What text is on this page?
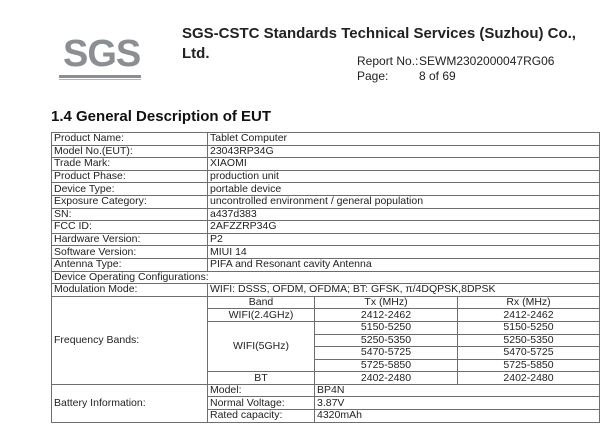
SGS	SGS-CSTC Standards Technical Services (Suzhou) Co., Ltd.	Report No.: SEWM2302000047RG06
Page:	8 of 69
1.4 General Description of EUT
Product Name:	Tablet Computer		
Model No.(EUT):	23043RP34G		
Trade Mark:	XIAOMI		
Product Phase:	production unit		
Device Type:	portable device		
Exposure Category:	uncontrolled environment / general population		
SN:	a437d383		
FCC ID:	2AFZZRP34G		
Hardware Version:	P2		
Software Version:	MIUI 14		
Antenna Type:	PIFA and Resonant cavity Antenna		
Device Operating Configurations:			
Modulation Mode:	WIFI: DSSS, OFDM, OFDMA; BT: GFSK, π/4DQPSK,8DPSK		
Frequency Bands:	Band	Tx (MHz)	Rx (MHz)
	WIFI(2.4GHz)	2412-2462	2412-2462
	WIFI(5GHz)	5150-5250	5150-5250
		5250-5350	5250-5350
		5470-5725	5470-5725
		5725-5850	5725-5850
	BT	2402-2480	2402-2480
Battery Information:	Model:	BP4N	
	Normal Voltage:	3.87V	
	Rated capacity:	4320mAh	
